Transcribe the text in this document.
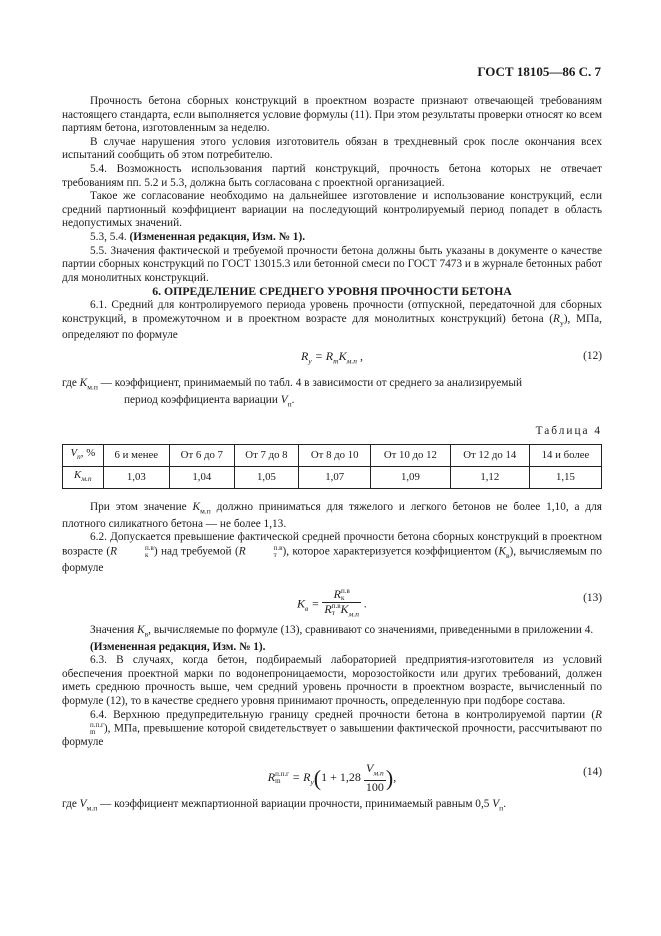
ГОСТ 18105—86 С. 7

Прочность бетона сборных конструкций в проектном возрасте признают отвечающей требованиям настоящего стандарта, если выполняется условие формулы (11). При этом результаты проверки относят ко всем партиям бетона, изготовленным за неделю.

В случае нарушения этого условия изготовитель обязан в трехдневный срок после окончания всех испытаний сообщить об этом потребителю.

5.4. Возможность использования партий конструкций, прочность бетона которых не отвечает требованиям пп. 5.2 и 5.3, должна быть согласована с проектной организацией.

Такое же согласование необходимо на дальнейшее изготовление и использование конструкций, если средний партионный коэффициент вариации на последующий контролируемый период попадет в область недопустимых значений.

5.3, 5.4. (Измененная редакция, Изм. № 1).

5.5. Значения фактической и требуемой прочности бетона должны быть указаны в документе о качестве партии сборных конструкций по ГОСТ 13015.3 или бетонной смеси по ГОСТ 7473 и в журнале бетонных работ для монолитных конструкций.

6. ОПРЕДЕЛЕНИЕ СРЕДНЕГО УРОВНЯ ПРОЧНОСТИ БЕТОНА

6.1. Средний для контролируемого периода уровень прочности (отпускной, передаточной для сборных конструкций, в промежуточном и в проектном возрасте для монолитных конструкций) бетона $(R_у)$, МПа, определяют по формуле

$R_у = R_тK_{м.п}$ ,	(12)

где $K_{м.п}$ — коэффициент, принимаемый по табл. 4 в зависимости от среднего за анализируемый
период коэффициента вариации $V_п$.

Таблица 4
$V_п$, %	6 и менее	От 6 до 7	От 7 до 8	От 8 до 10	От 10 до 12	От 12 до 14	14 и более
$K_{м.п}$	1,03	1,04	1,05	1,07	1,09	1,12	1,15

При этом значение $K_{м.п}$ должно приниматься для тяжелого и легкого бетонов не более 1,10, а для плотного силикатного бетона — не более 1,13.

6.2. Допускается превышение фактической средней прочности бетона сборных конструкций в проектном возрасте (R	п.в
к ) над требуемой (R	п.в
т ), которое характеризуется коэффициентом $(K_в)$, вычисляемым по формуле

$K_в = R$ п.в
к
R п.в
т $K_{м.п}$ .	(13)

Значения $K_в$, вычисляемые по формуле (13), сравнивают со значениями, приведенными в приложении 4.

(Измененная редакция, Изм. № 1).

6.3. В случаях, когда бетон, подбираемый лабораторией предприятия-изготовителя из условий обеспечения проектной марки по водонепроницаемости, морозостойкости или других требований, должен иметь среднюю прочность выше, чем средний уровень прочности в проектном возрасте, вычисленный по формуле (12), то в качестве среднего уровня принимают прочность, определенную при подборе состава.

6.4. Верхнюю предупредительную границу средней прочности бетона в контролируемой партии (R
п.п.г
m ), МПа, превышение которой свидетельствует о завышении фактической прочности, рассчитывают по формуле

R п.п.г
$m = R_у(1 + 1,28 \frac{V_{м.п}}{100}$ ),	(14)

где $V_{м.п}$ — коэффициент межпартионной вариации прочности, принимаемый равным 0,5 $V_п$.
